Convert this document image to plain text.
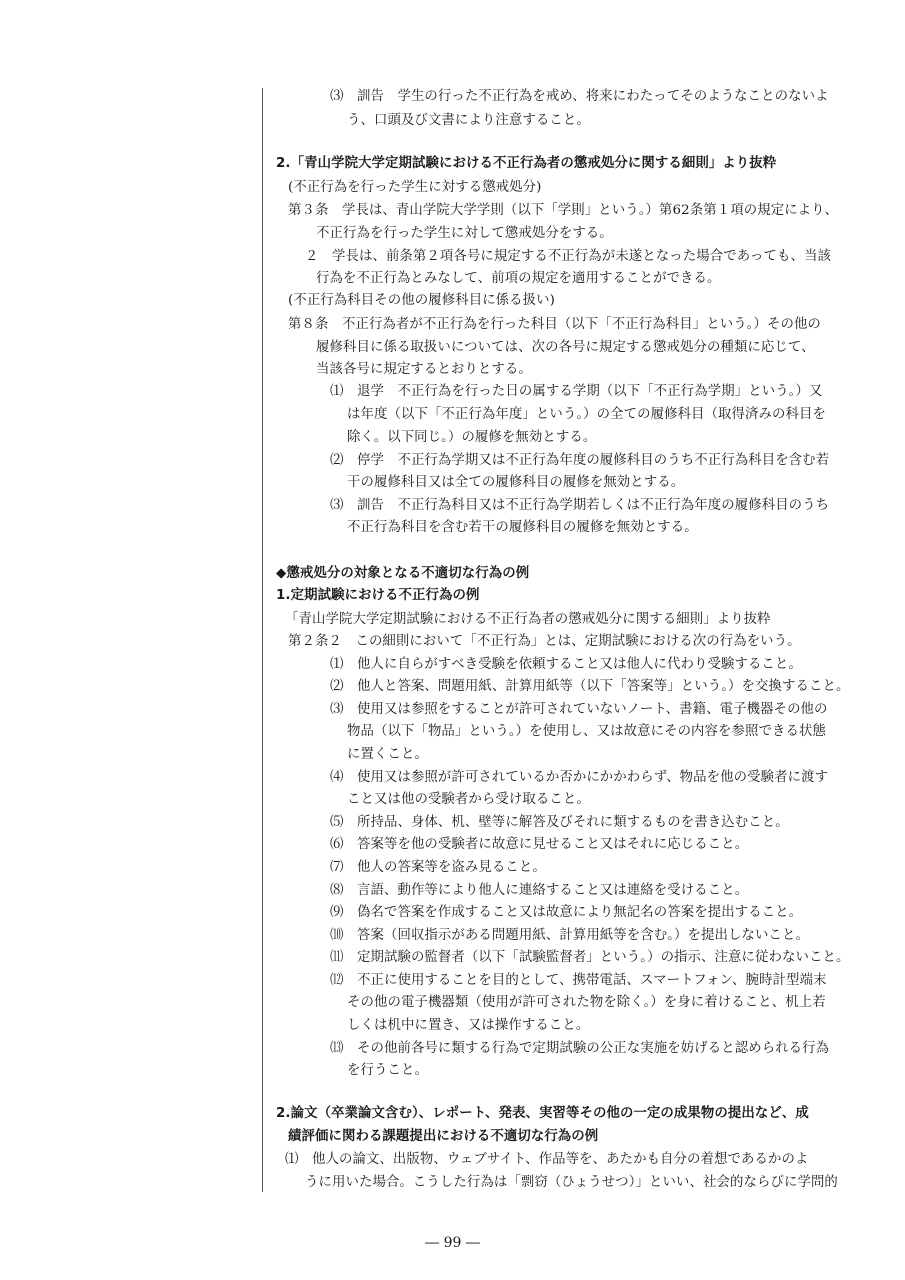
⑶　訓告　学生の行った不正行為を戒め、将来にわたってそのようなことのないよ
う、口頭及び文書により注意すること。
2.「青山学院大学定期試験における不正行為者の懲戒処分に関する細則」より抜粋
(不正行為を行った学生に対する懲戒処分)
第３条　学長は、青山学院大学学則（以下「学則」という。）第62条第１項の規定により、
不正行為を行った学生に対して懲戒処分をする。
２　学長は、前条第２項各号に規定する不正行為が未遂となった場合であっても、当該
行為を不正行為とみなして、前項の規定を適用することができる。
(不正行為科目その他の履修科目に係る扱い)
第８条　不正行為者が不正行為を行った科目（以下「不正行為科目」という。）その他の
履修科目に係る取扱いについては、次の各号に規定する懲戒処分の種類に応じて、
当該各号に規定するとおりとする。
⑴　退学　不正行為を行った日の属する学期（以下「不正行為学期」という。）又
は年度（以下「不正行為年度」という。）の全ての履修科目（取得済みの科目を
除く。以下同じ。）の履修を無効とする。
⑵　停学　不正行為学期又は不正行為年度の履修科目のうち不正行為科目を含む若
干の履修科目又は全ての履修科目の履修を無効とする。
⑶　訓告　不正行為科目又は不正行為学期若しくは不正行為年度の履修科目のうち
不正行為科目を含む若干の履修科目の履修を無効とする。
◆懲戒処分の対象となる不適切な行為の例
1.定期試験における不正行為の例
「青山学院大学定期試験における不正行為者の懲戒処分に関する細則」より抜粋
第２条２　この細則において「不正行為」とは、定期試験における次の行為をいう。
⑴　他人に自らがすべき受験を依頼すること又は他人に代わり受験すること。
⑵　他人と答案、問題用紙、計算用紙等（以下「答案等」という。）を交換すること。
⑶　使用又は参照をすることが許可されていないノート、書籍、電子機器その他の
物品（以下「物品」という。）を使用し、又は故意にその内容を参照できる状態
に置くこと。
⑷　使用又は参照が許可されているか否かにかかわらず、物品を他の受験者に渡す
こと又は他の受験者から受け取ること。
⑸　所持品、身体、机、壁等に解答及びそれに類するものを書き込むこと。
⑹　答案等を他の受験者に故意に見せること又はそれに応じること。
⑺　他人の答案等を盗み見ること。
⑻　言語、動作等により他人に連絡すること又は連絡を受けること。
⑼　偽名で答案を作成すること又は故意により無記名の答案を提出すること。
⑽　答案（回収指示がある問題用紙、計算用紙等を含む。）を提出しないこと。
⑾　定期試験の監督者（以下「試験監督者」という。）の指示、注意に従わないこと。
⑿　不正に使用することを目的として、携帯電話、スマートフォン、腕時計型端末
その他の電子機器類（使用が許可された物を除く。）を身に着けること、机上若
しくは机中に置き、又は操作すること。
⒀　その他前各号に類する行為で定期試験の公正な実施を妨げると認められる行為
を行うこと。
2.論文（卒業論文含む）、レポート、発表、実習等その他の一定の成果物の提出など、成
績評価に関わる課題提出における不適切な行為の例
⑴　他人の論文、出版物、ウェブサイト、作品等を、あたかも自分の着想であるかのよ
うに用いた場合。こうした行為は「剽窃（ひょうせつ）」といい、社会的ならびに学問的
― 99 ―
